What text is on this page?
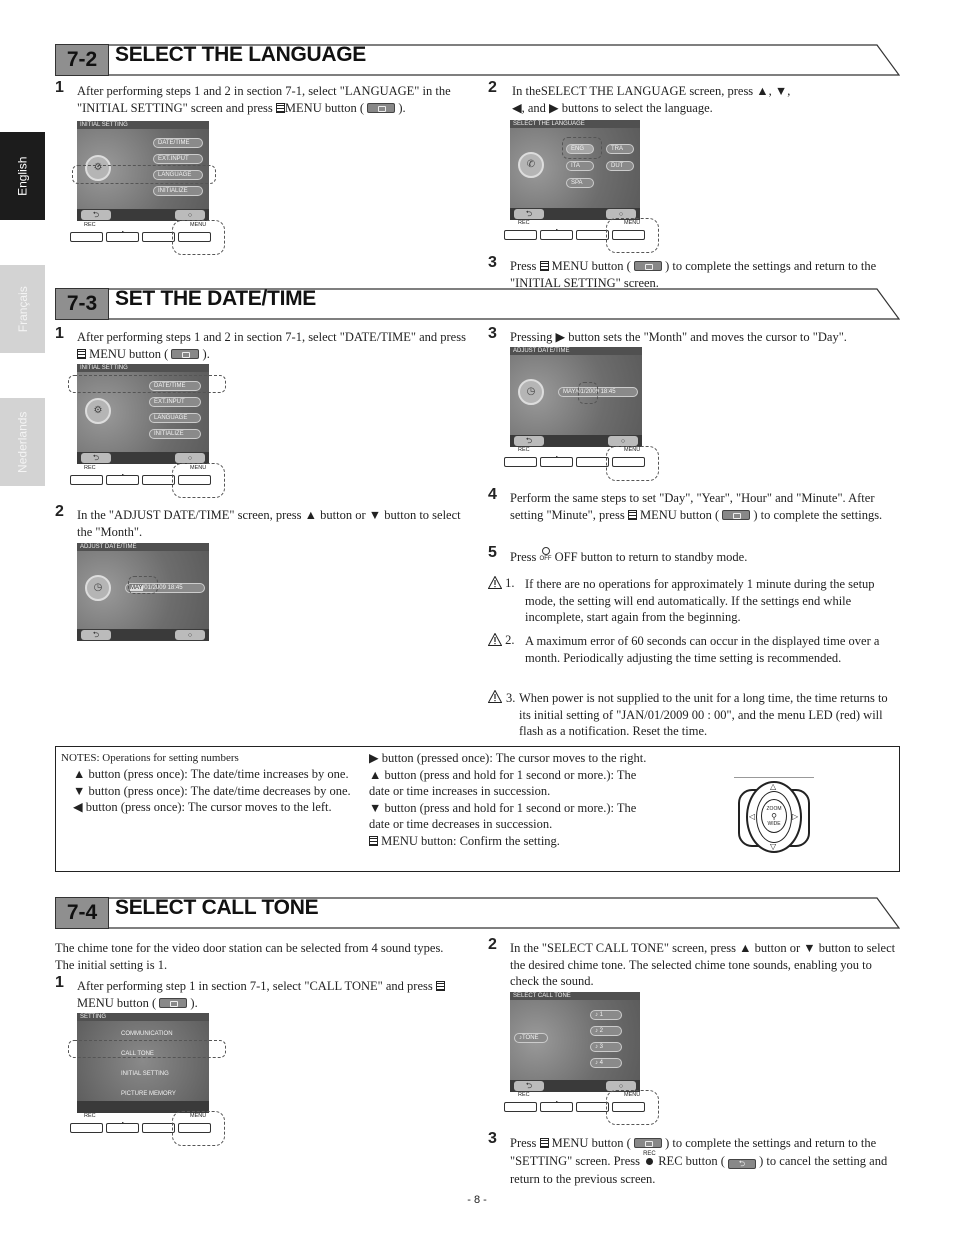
English
Français
Nederlands
7-2 SELECT THE LANGUAGE
1 After performing steps 1 and 2 in section 7-1, select "LANGUAGE" in the "INITIAL SETTING" screen and press MENU button (	).
INITIAL SETTING
⚙
DATE/TIME
EXT.INPUT
LANGUAGE
INITIALIZE
⮌	○
REC	MENU
2 In theSELECT THE LANGUAGE screen, press ▲, ▼,
◀, and ▶ buttons to select the language.
SELECT THE LANGUAGE
✆
ENG	TRA
ITA	DUT
SPA
⮌	○
REC	MENU
3 Press MENU button (	) to complete the settings and return to the "INITIAL SETTING" screen.
7-3 SET THE DATE/TIME
1 After performing steps 1 and 2 in section 7-1, select "DATE/TIME" and press  MENU button (	).
INITIAL SETTING
⚙
DATE/TIME
EXT.INPUT
LANGUAGE
INITIALIZE
⮌	○
REC	MENU
2 In the "ADJUST DATE/TIME" screen, press ▲ button or ▼ button to select the "Month".
ADJUST DATE/TIME
◷	MAY/01/2009 18:45
⮌	○
3 Pressing ▶ button sets the "Month" and moves the cursor to "Day".
ADJUST DATE/TIME
◷	MAY/01/2009 18:45
⮌	○
REC	MENU
4 Perform the same steps to set "Day", "Year", "Hour" and "Minute". After setting "Minute", press MENU button (	) to complete the settings.
5 Press OFF OFF button to return to standby mode.
1. If there are no operations for approximately 1 minute during the setup mode, the setting will end automatically. If the settings end while incomplete, start again from the beginning.
2. A maximum error of 60 seconds can occur in the displayed time over a month. Periodically adjusting the time setting is recommended.
3. When power is not supplied to the unit for a long time, the time returns to its initial setting of "JAN/01/2009 00 : 00", and the menu LED (red) will flash as a notification. Reset the time.
NOTES: Operations for setting numbers
▲ button (press once): The date/time increases by one.
▼ button (press once): The date/time decreases by one.
◀ button (press once): The cursor moves to the left.
▶ button (pressed once): The cursor moves to the right.
▲ button (press and hold for 1 second or more.): The date or time increases in succession.
▼ button (press and hold for 1 second or more.): The date or time decreases in succession.
MENU button: Confirm the setting.
ZOOM
⚲
WIDE
△
▽
◁	▷
7-4 SELECT CALL TONE
The chime tone for the video door station can be selected from 4 sound types. The initial setting is 1.
1 After performing step 1 in section 7-1, select "CALL TONE" and press  MENU button (	).
SETTING
COMMUNICATION
CALL TONE
INITIAL SETTING
PICTURE MEMORY
REC	MENU
2 In the "SELECT CALL TONE" screen, press ▲ button or ▼ button to select the desired chime tone. The selected chime tone sounds, enabling you to check the sound.
SELECT CALL TONE
♪TONE
♪ 1
♪ 2
♪ 3
♪ 4
⮌	○
REC	MENU
3 Press MENU button (	) to complete the settings and return to the "SETTING" screen. Press REC REC button ( ⮌ ) to cancel the setting and return to the previous screen.
- 8 -
